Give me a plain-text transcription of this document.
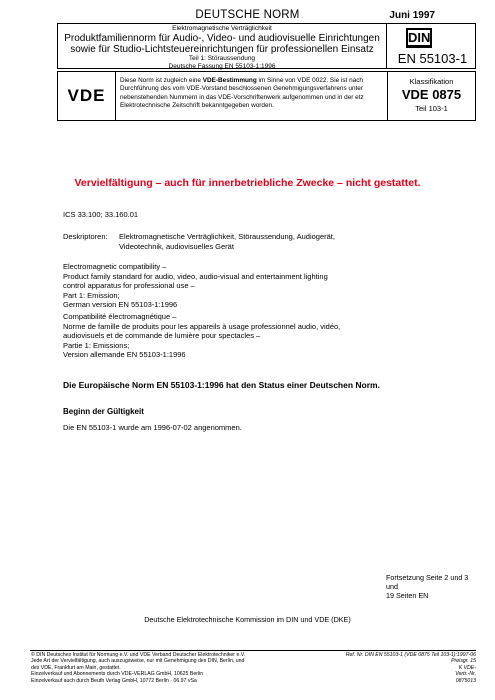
DEUTSCHE NORM	Juni 1997
Elektromagnetische Verträglichkeit
Produktfamiliennorm für Audio-, Video- und audiovisuelle Einrichtungen
sowie für Studio-Lichtsteuereinrichtungen für professionellen Einsatz
Teil 1: Störaussendung
Deutsche Fassung EN 55103-1:1996
DIN
EN 55103-1
VDE
Diese Norm ist zugleich eine VDE-Bestimmung im Sinne von VDE 0022. Sie ist nach Durchführung des vom VDE-Vorstand beschlossenen Genehmigungsverfahrens unter nebenstehenden Nummern in das VDE-Vorschriftenwerk aufgenommen und in der etz Elektrotechnische Zeitschrift bekanntgegeben worden.
Klassifikation
VDE 0875
Teil 103-1
Vervielfältigung – auch für innerbetriebliche Zwecke – nicht gestattet.
ICS 33.100; 33.160.01
Deskriptoren: Elektromagnetische Verträglichkeit, Störaussendung, Audiogerät,
Videotechnik, audiovisuelles Gerät
Electromagnetic compatibility –
Product family standard for audio, video, audio-visual and entertainment lighting
control apparatus for professional use –
Part 1: Emission;
German version EN 55103-1:1996
Compatibilité électromagnétique –
Norme de famille de produits pour les appareils à usage professionnel audio, vidéo,
audiovisuels et de commande de lumière pour spectacles –
Partie 1: Emissions;
Version allemande EN 55103-1:1996
Die Europäische Norm EN 55103-1:1996 hat den Status einer Deutschen Norm.
Beginn der Gültigkeit
Die EN 55103-1 wurde am 1996-07-02 angenommen.
Fortsetzung Seite 2 und 3 und
19 Seiten EN
Deutsche Elektrotechnische Kommission im DIN und VDE (DKE)
© DIN Deutsches Institut für Normung e.V. und VDE Verband Deutscher Elektrotechniker e.V.
Jede Art der Vervielfältigung, auch auszugsweise, nur mit Genehmigung des DIN, Berlin, und
des VDE, Frankfurt am Main, gestattet.
Einzelverkauf und Abonnements durch VDE-VERLAG GmbH, 10625 Berlin
Einzelverkauf auch durch Beuth Verlag GmbH, 10772 Berlin · 06.97 vSa
Ref. Nr. DIN EN 55103-1 (VDE 0875 Teil 103-1):1997-06
Preisgr. 15
K VDE-
Vertr.-Nr.
0875013
